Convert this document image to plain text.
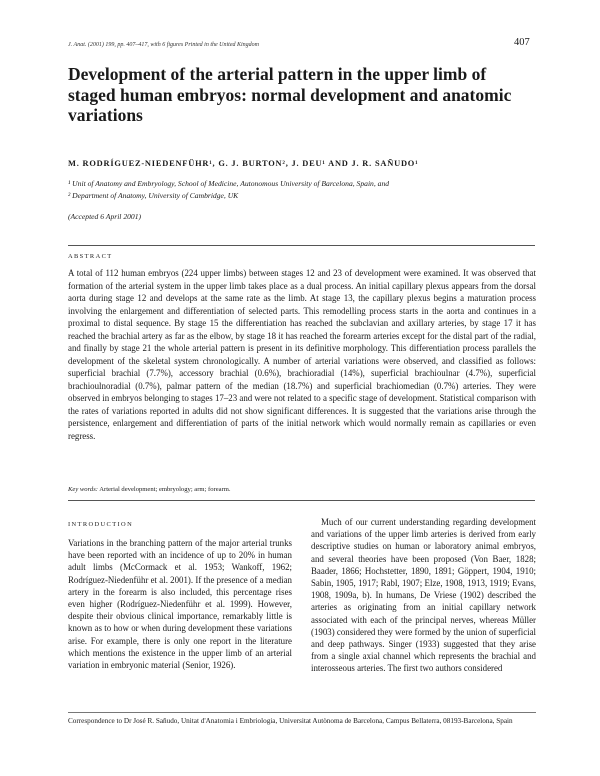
J. Anat. (2001) 199, pp. 407–417, with 6 figures Printed in the United Kingdom	407
Development of the arterial pattern in the upper limb of staged human embryos: normal development and anatomic variations
M. RODRÍGUEZ-NIEDENFÜHR¹, G. J. BURTON², J. DEU¹ AND J. R. SAÑUDO¹
¹ Unit of Anatomy and Embryology, School of Medicine, Autonomous University of Barcelona, Spain, and
² Department of Anatomy, University of Cambridge, UK
(Accepted 6 April 2001)
ABSTRACT

A total of 112 human embryos (224 upper limbs) between stages 12 and 23 of development were examined. It was observed that formation of the arterial system in the upper limb takes place as a dual process. An initial capillary plexus appears from the dorsal aorta during stage 12 and develops at the same rate as the limb. At stage 13, the capillary plexus begins a maturation process involving the enlargement and differentiation of selected parts. This remodelling process starts in the aorta and continues in a proximal to distal sequence. By stage 15 the differentiation has reached the subclavian and axillary arteries, by stage 17 it has reached the brachial artery as far as the elbow, by stage 18 it has reached the forearm arteries except for the distal part of the radial, and finally by stage 21 the whole arterial pattern is present in its definitive morphology. This differentiation process parallels the development of the skeletal system chronologically. A number of arterial variations were observed, and classified as follows: superficial brachial (7.7%), accessory brachial (0.6%), brachioradial (14%), superficial brachioulnar (4.7%), superficial brachioulnoradial (0.7%), palmar pattern of the median (18.7%) and superficial brachiomedian (0.7%) arteries. They were observed in embryos belonging to stages 17–23 and were not related to a specific stage of development. Statistical comparison with the rates of variations reported in adults did not show significant differences. It is suggested that the variations arise through the persistence, enlargement and differentiation of parts of the initial network which would normally remain as capillaries or even regress.

Key words: Arterial development; embryology; arm; forearm.
INTRODUCTION

Variations in the branching pattern of the major arterial trunks have been reported with an incidence of up to 20% in human adult limbs (McCormack et al. 1953; Wankoff, 1962; Rodríguez-Niedenführ et al. 2001). If the presence of a median artery in the forearm is also included, this percentage rises even higher (Rodríguez-Niedenführ et al. 1999). However, despite their obvious clinical importance, remarkably little is known as to how or when during development these variations arise. For example, there is only one report in the literature which mentions the existence in the upper limb of an arterial variation in embryonic material (Senior, 1926).

Much of our current understanding regarding development and variations of the upper limb arteries is derived from early descriptive studies on human or laboratory animal embryos, and several theories have been proposed (Von Baer, 1828; Baader, 1866; Hochstetter, 1890, 1891; Göppert, 1904, 1910; Sabin, 1905, 1917; Rabl, 1907; Elze, 1908, 1913, 1919; Evans, 1908, 1909a, b). In humans, De Vriese (1902) described the arteries as originating from an initial capillary network associated with each of the principal nerves, whereas Müller (1903) considered they were formed by the union of superficial and deep pathways. Singer (1933) suggested that they arise from a single axial channel which represents the brachial and interosseous arteries. The first two authors considered

Correspondence to Dr José R. Sañudo, Unitat d'Anatomia i Embriologia, Universitat Autònoma de Barcelona, Campus Bellaterra, 08193-Barcelona, Spain
